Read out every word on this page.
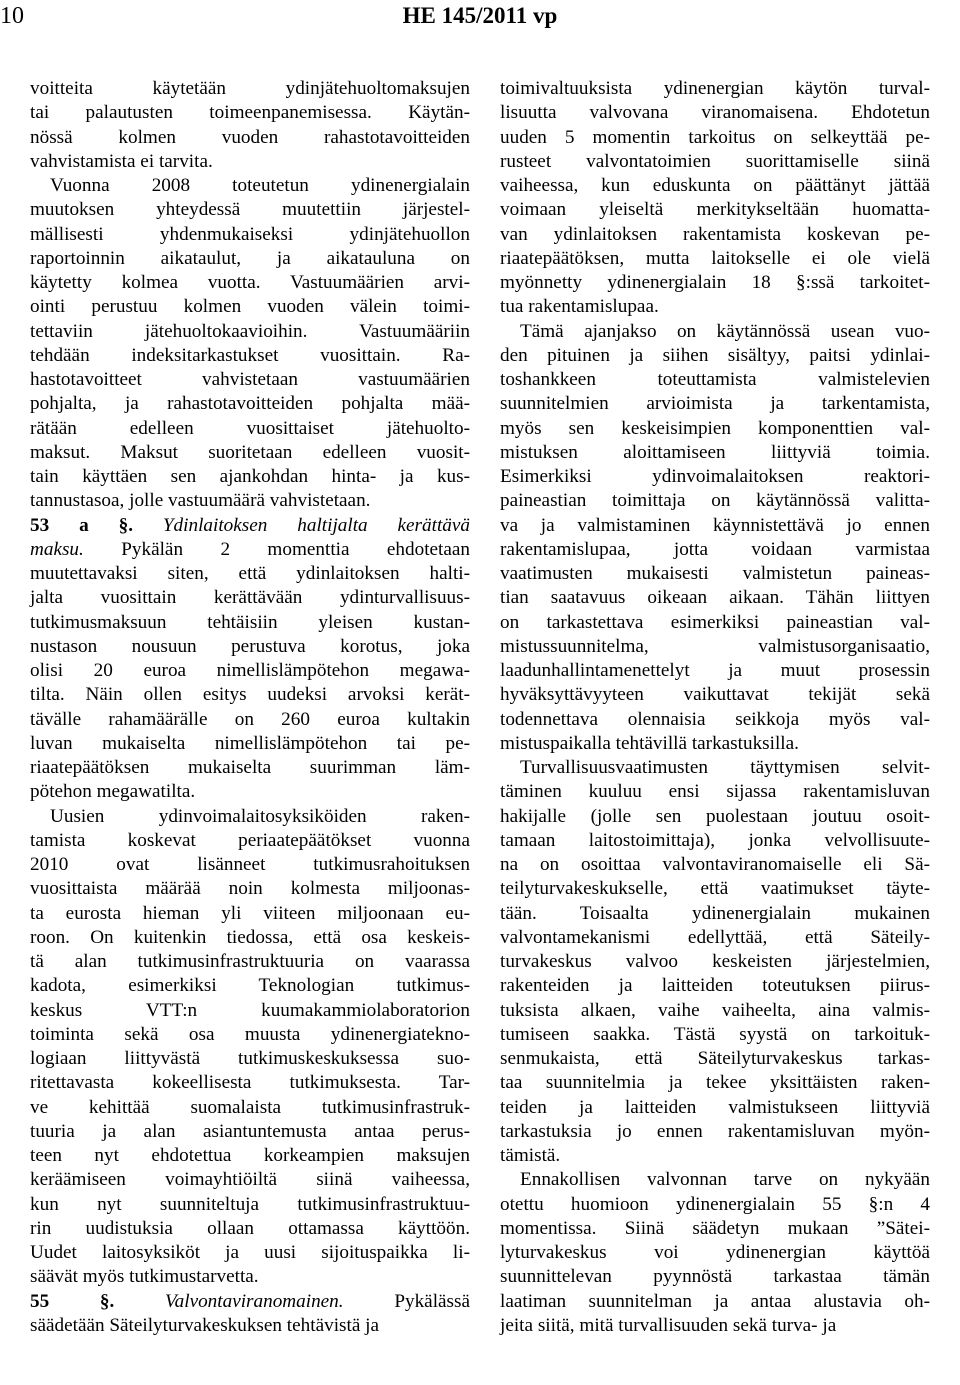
10	HE 145/2011 vp
voitteita käytetään ydinjätehuoltomaksujen
tai palautusten toimeenpanemisessa. Käytän-
nössä kolmen vuoden rahastotavoitteiden
vahvistamista ei tarvita.
Vuonna 2008 toteutetun ydinenergialain
muutoksen yhteydessä muutettiin järjestel-
mällisesti yhdenmukaiseksi ydinjätehuollon
raportoinnin aikataulut, ja aikatauluna on
käytetty kolmea vuotta. Vastuumäärien arvi-
ointi perustuu kolmen vuoden välein toimi-
tettaviin jätehuoltokaavioihin. Vastuumääriin
tehdään indeksitarkastukset vuosittain. Ra-
hastotavoitteet vahvistetaan vastuumäärien
pohjalta, ja rahastotavoitteiden pohjalta mää-
rätään edelleen vuosittaiset jätehuolto-
maksut. Maksut suoritetaan edelleen vuosit-
tain käyttäen sen ajankohdan hinta- ja kus-
tannustasoa, jolle vastuumäärä vahvistetaan.
53 a §. Ydinlaitoksen haltijalta kerättävä
maksu. Pykälän 2 momenttia ehdotetaan
muutettavaksi siten, että ydinlaitoksen halti-
jalta vuosittain kerättävään ydinturvallisuus-
tutkimusmaksuun tehtäisiin yleisen kustan-
nustason nousuun perustuva korotus, joka
olisi 20 euroa nimellislämpötehon megawa-
tilta. Näin ollen esitys uudeksi arvoksi kerät-
tävälle rahamäärälle on 260 euroa kultakin
luvan mukaiselta nimellislämpötehon tai pe-
riaatepäätöksen mukaiselta suurimman läm-
pötehon megawatilta.
Uusien ydinvoimalaitosyksiköiden raken-
tamista koskevat periaatepäätökset vuonna
2010 ovat lisänneet tutkimusrahoituksen
vuosittaista määrää noin kolmesta miljoonas-
ta eurosta hieman yli viiteen miljoonaan eu-
roon. On kuitenkin tiedossa, että osa keskeis-
tä alan tutkimusinfrastruktuuria on vaarassa
kadota, esimerkiksi Teknologian tutkimus-
keskus VTT:n kuumakammiolaboratorion
toiminta sekä osa muusta ydinenergiateknо-
logiaan liittyvästä tutkimuskeskuksessa suo-
ritettavasta kokeellisesta tutkimuksesta. Tar-
ve kehittää suomalaista tutkimusinfrastruk-
tuuria ja alan asiantuntemusta antaa perus-
teen nyt ehdotettua korkeampien maksujen
keräämiseen voimayhtiöiltä siinä vaiheessa,
kun nyt suunniteltuja tutkimusinfrastruktuu-
rin uudistuksia ollaan ottamassa käyttöön.
Uudet laitosyksiköt ja uusi sijoituspaikka li-
säävät myös tutkimustarvetta.
55 §.	Valvontaviranomainen. Pykälässä
säädetään Säteilyturvakeskuksen tehtävistä ja
toimivaltuuksista ydinenergian käytön turval-
lisuutta valvovana viranomaisena. Ehdotetun
uuden 5 momentin tarkoitus on selkeyttää pe-
rusteet valvontatoimien suorittamiselle siinä
vaiheessa, kun eduskunta on päättänyt jättää
voimaan yleiseltä merkitykseltään huomatta-
van ydinlaitoksen rakentamista koskevan pe-
riaatepäätöksen, mutta laitokselle ei ole vielä
myönnetty ydinenergialain 18 §:ssä tarkoitet-
tua rakentamislupaa.
Tämä ajanjakso on käytännössä usean vuo-
den pituinen ja siihen sisältyy, paitsi ydinlai-
toshankkeen toteuttamista valmistelevien
suunnitelmien arvioimista ja tarkentamista,
myös sen keskeisimpien komponenttien val-
mistuksen aloittamiseen liittyviä toimia.
Esimerkiksi ydinvoimalaitoksen reaktori-
paineastian toimittaja on käytännössä valitta-
va ja valmistaminen käynnistettävä jo ennen
rakentamislupaa, jotta voidaan varmistaa
vaatimusten mukaisesti valmistetun paineas-
tian saatavuus oikeaan aikaan. Tähän liittyen
on tarkastettava esimerkiksi paineastian val-
mistussuunnitelma, valmistusorganisaatio,
laadunhallintamenettelyt ja muut prosessin
hyväksyttävyyteen vaikuttavat tekijät sekä
todennettava olennaisia seikkoja myös val-
mistuspaikalla tehtävillä tarkastuksilla.
Turvallisuusvaatimusten täyttymisen selvit-
täminen kuuluu ensi sijassa rakentamisluvan
hakijalle (jolle sen puolestaan joutuu osoit-
tamaan laitostoimittaja), jonka velvollisuute-
na on osoittaa valvontaviranomaiselle eli Sä-
teilyturvakeskukselle, että vaatimukset täyte-
tään. Toisaalta ydinenergialain mukainen
valvontamekanismi edellyttää, että Säteily-
turvakeskus valvoo keskeisten järjestelmien,
rakenteiden ja laitteiden toteutuksen piirus-
tuksista alkaen, vaihe vaiheelta, aina valmis-
tumiseen saakka. Tästä syystä on tarkoituk-
senmukaista, että Säteilyturvakeskus tarkas-
taa suunnitelmia ja tekee yksittäisten raken-
teiden ja laitteiden valmistukseen liittyviä
tarkastuksia jo ennen rakentamisluvan myön-
tämistä.
Ennakollisen valvonnan tarve on nykyään
otettu huomioon ydinenergialain 55 §:n 4
momentissa. Siinä säädetyn mukaan ”Sätei-
lyturvakeskus voi ydinenergian käyttöä
suunnittelevan pyynnöstä tarkastaa tämän
laatiman suunnitelman ja antaa alustavia oh-
jeita siitä, mitä turvallisuuden sekä turva- ja
